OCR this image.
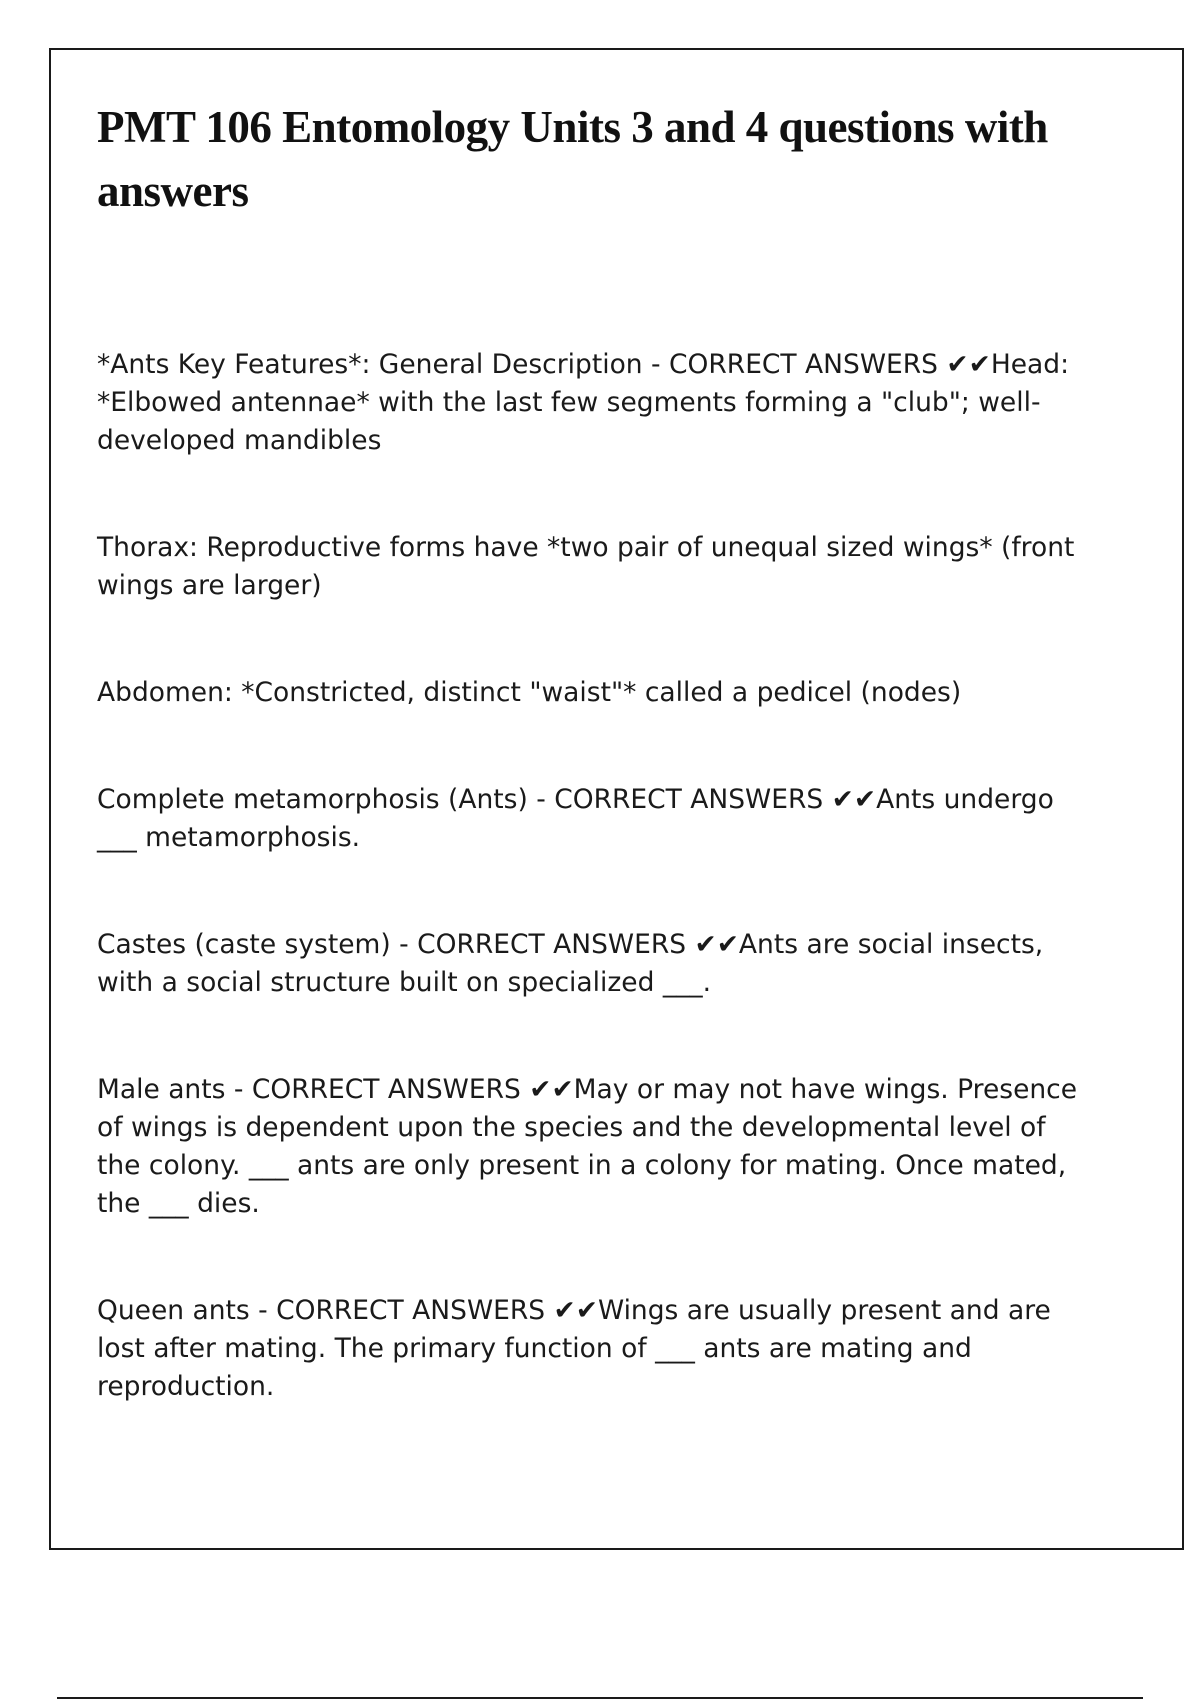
PMT 106 Entomology Units 3 and 4 questions with answers

*Ants Key Features*: General Description - CORRECT ANSWERS ✔✔Head: *Elbowed antennae* with the last few segments forming a "club"; well-developed mandibles

Thorax: Reproductive forms have *two pair of unequal sized wings* (front wings are larger)

Abdomen: *Constricted, distinct "waist"* called a pedicel (nodes)

Complete metamorphosis (Ants) - CORRECT ANSWERS ✔✔Ants undergo ___ metamorphosis.

Castes (caste system) - CORRECT ANSWERS ✔✔Ants are social insects, with a social structure built on specialized ___.

Male ants - CORRECT ANSWERS ✔✔May or may not have wings. Presence of wings is dependent upon the species and the developmental level of the colony. ___ ants are only present in a colony for mating. Once mated, the ___ dies.

Queen ants - CORRECT ANSWERS ✔✔Wings are usually present and are lost after mating. The primary function of ___ ants are mating and reproduction.
